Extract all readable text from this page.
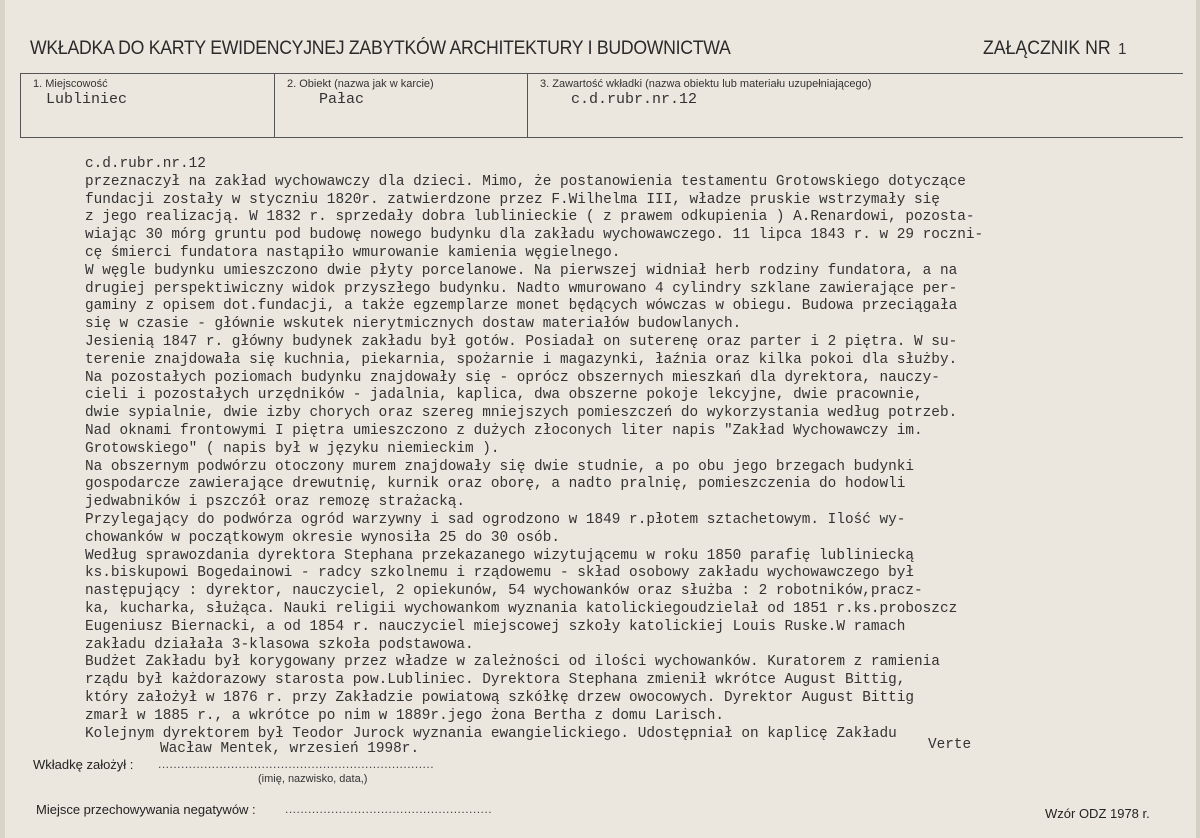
WKŁADKA DO KARTY EWIDENCYJNEJ ZABYTKÓW ARCHITEKTURY I BUDOWNICTWA	ZAŁĄCZNIK NR 1
1. Miejscowość
Lubliniec
2. Obiekt (nazwa jak w karcie)
Pałac
3. Zawartość wkładki (nazwa obiektu lub materiału uzupełniającego)
c.d.rubr.nr.12
c.d.rubr.nr.12
przeznaczył na zakład wychowawczy dla dzieci. Mimo, że postanowienia testamentu Grotowskiego dotyczące
fundacji zostały w styczniu 1820r. zatwierdzone przez F.Wilhelma III, władze pruskie wstrzymały się
z jego realizacją. W 1832 r. sprzedały dobra lublinieckie ( z prawem odkupienia ) A.Renardowi, pozosta-
wiając 30 mórg gruntu pod budowę nowego budynku dla zakładu wychowawczego. 11 lipca 1843 r. w 29 roczni-
cę śmierci fundatora nastąpiło wmurowanie kamienia węgielnego.
W węgle budynku umieszczono dwie płyty porcelanowe. Na pierwszej widniał herb rodziny fundatora, a na
drugiej perspektiwiczny widok przyszłego budynku. Nadto wmurowano 4 cylindry szklane zawierające per-
gaminy z opisem dot.fundacji, a także egzemplarze monet będących wówczas w obiegu. Budowa przeciągała
się w czasie - głównie wskutek nierytmicznych dostaw materiałów budowlanych.
Jesienią 1847 r. główny budynek zakładu był gotów. Posiadał on suterenę oraz parter i 2 piętra. W su-
terenie znajdowała się kuchnia, piekarnia, spożarnie i magazynki, łaźnia oraz kilka pokoi dla służby.
Na pozostałych poziomach budynku znajdowały się - oprócz obszernych mieszkań dla dyrektora, nauczy-
cieli i pozostałych urzędników - jadalnia, kaplica, dwa obszerne pokoje lekcyjne, dwie pracownie,
dwie sypialnie, dwie izby chorych oraz szereg mniejszych pomieszczeń do wykorzystania według potrzeb.
Nad oknami frontowymi I piętra umieszczono z dużych złoconych liter napis "Zakład Wychowawczy im.
Grotowskiego" ( napis był w języku niemieckim ).
Na obszernym podwórzu otoczony murem znajdowały się dwie studnie, a po obu jego brzegach budynki
gospodarcze zawierające drewutnię, kurnik oraz oborę, a nadto pralnię, pomieszczenia do hodowli
jedwabników i pszczół oraz remozę strażacką.
Przylegający do podwórza ogród warzywny i sad ogrodzono w 1849 r.płotem sztachetowym. Ilość wy-
chowanków w początkowym okresie wynosiła 25 do 30 osób.
Według sprawozdania dyrektora Stephana przekazanego wizytującemu w roku 1850 parafię lubliniecką
ks.biskupowi Bogedainowi - radcy szkolnemu i rządowemu - skład osobowy zakładu wychowawczego był
następujący : dyrektor, nauczyciel, 2 opiekunów, 54 wychowanków oraz służba : 2 robotników,pracz-
ka, kucharka, służąca. Nauki religii wychowankom wyznania katolickiegoudzielał od 1851 r.ks.proboszcz
Eugeniusz Biernacki, a od 1854 r. nauczyciel miejscowej szkoły katolickiej Louis Ruske.W ramach
zakładu działała 3-klasowa szkoła podstawowa.
Budżet Zakładu był korygowany przez władze w zależności od ilości wychowanków. Kuratorem z ramienia
rządu był każdorazowy starosta pow.Lubliniec. Dyrektora Stephana zmienił wkrótce August Bittig,
który założył w 1876 r. przy Zakładzie powiatową szkółkę drzew owocowych. Dyrektor August Bittig
zmarł w 1885 r., a wkrótce po nim w 1889r.jego żona Bertha z domu Larisch.
Kolejnym dyrektorem był Teodor Jurock wyznania ewangielickiego. Udostępniał on kaplicę Zakładu
Verte
Wacław Mentek, wrzesień 1998r.
Wkładkę założył : ........................................................................
(imię, nazwisko, data,)
Miejsce przechowywania negatywów : ......................................................	Wzór ODZ 1978 r.
